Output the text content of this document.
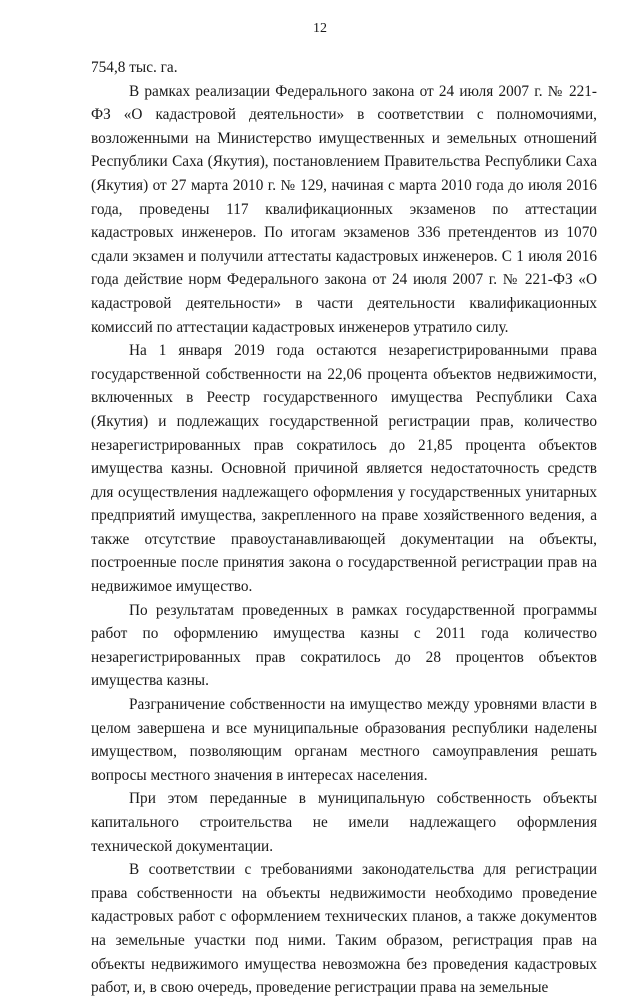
12

754,8 тыс. га.

В рамках реализации Федерального закона от 24 июля 2007 г. № 221-ФЗ «О кадастровой деятельности» в соответствии с полномочиями, возложенными на Министерство имущественных и земельных отношений Республики Саха (Якутия), постановлением Правительства Республики Саха (Якутия) от 27 марта 2010 г. № 129, начиная с марта 2010 года до июля 2016 года, проведены 117 квалификационных экзаменов по аттестации кадастровых инженеров. По итогам экзаменов 336 претендентов из 1070 сдали экзамен и получили аттестаты кадастровых инженеров. С 1 июля 2016 года действие норм Федерального закона от 24 июля 2007 г. № 221-ФЗ «О кадастровой деятельности» в части деятельности квалификационных комиссий по аттестации кадастровых инженеров утратило силу.

На 1 января 2019 года остаются незарегистрированными права государственной собственности на 22,06 процента объектов недвижимости, включенных в Реестр государственного имущества Республики Саха (Якутия) и подлежащих государственной регистрации прав, количество незарегистрированных прав сократилось до 21,85 процента объектов имущества казны. Основной причиной является недостаточность средств для осуществления надлежащего оформления у государственных унитарных предприятий имущества, закрепленного на праве хозяйственного ведения, а также отсутствие правоустанавливающей документации на объекты, построенные после принятия закона о государственной регистрации прав на недвижимое имущество.

По результатам проведенных в рамках государственной программы работ по оформлению имущества казны с 2011 года количество незарегистрированных прав сократилось до 28 процентов объектов имущества казны.

Разграничение собственности на имущество между уровнями власти в целом завершена и все муниципальные образования республики наделены имуществом, позволяющим органам местного самоуправления решать вопросы местного значения в интересах населения.

При этом переданные в муниципальную собственность объекты капитального строительства не имели надлежащего оформления технической документации.

В соответствии с требованиями законодательства для регистрации права собственности на объекты недвижимости необходимо проведение кадастровых работ с оформлением технических планов, а также документов на земельные участки под ними. Таким образом, регистрация прав на объекты недвижимого имущества невозможна без проведения кадастровых работ, и, в свою очередь, проведение регистрации права на земельные
